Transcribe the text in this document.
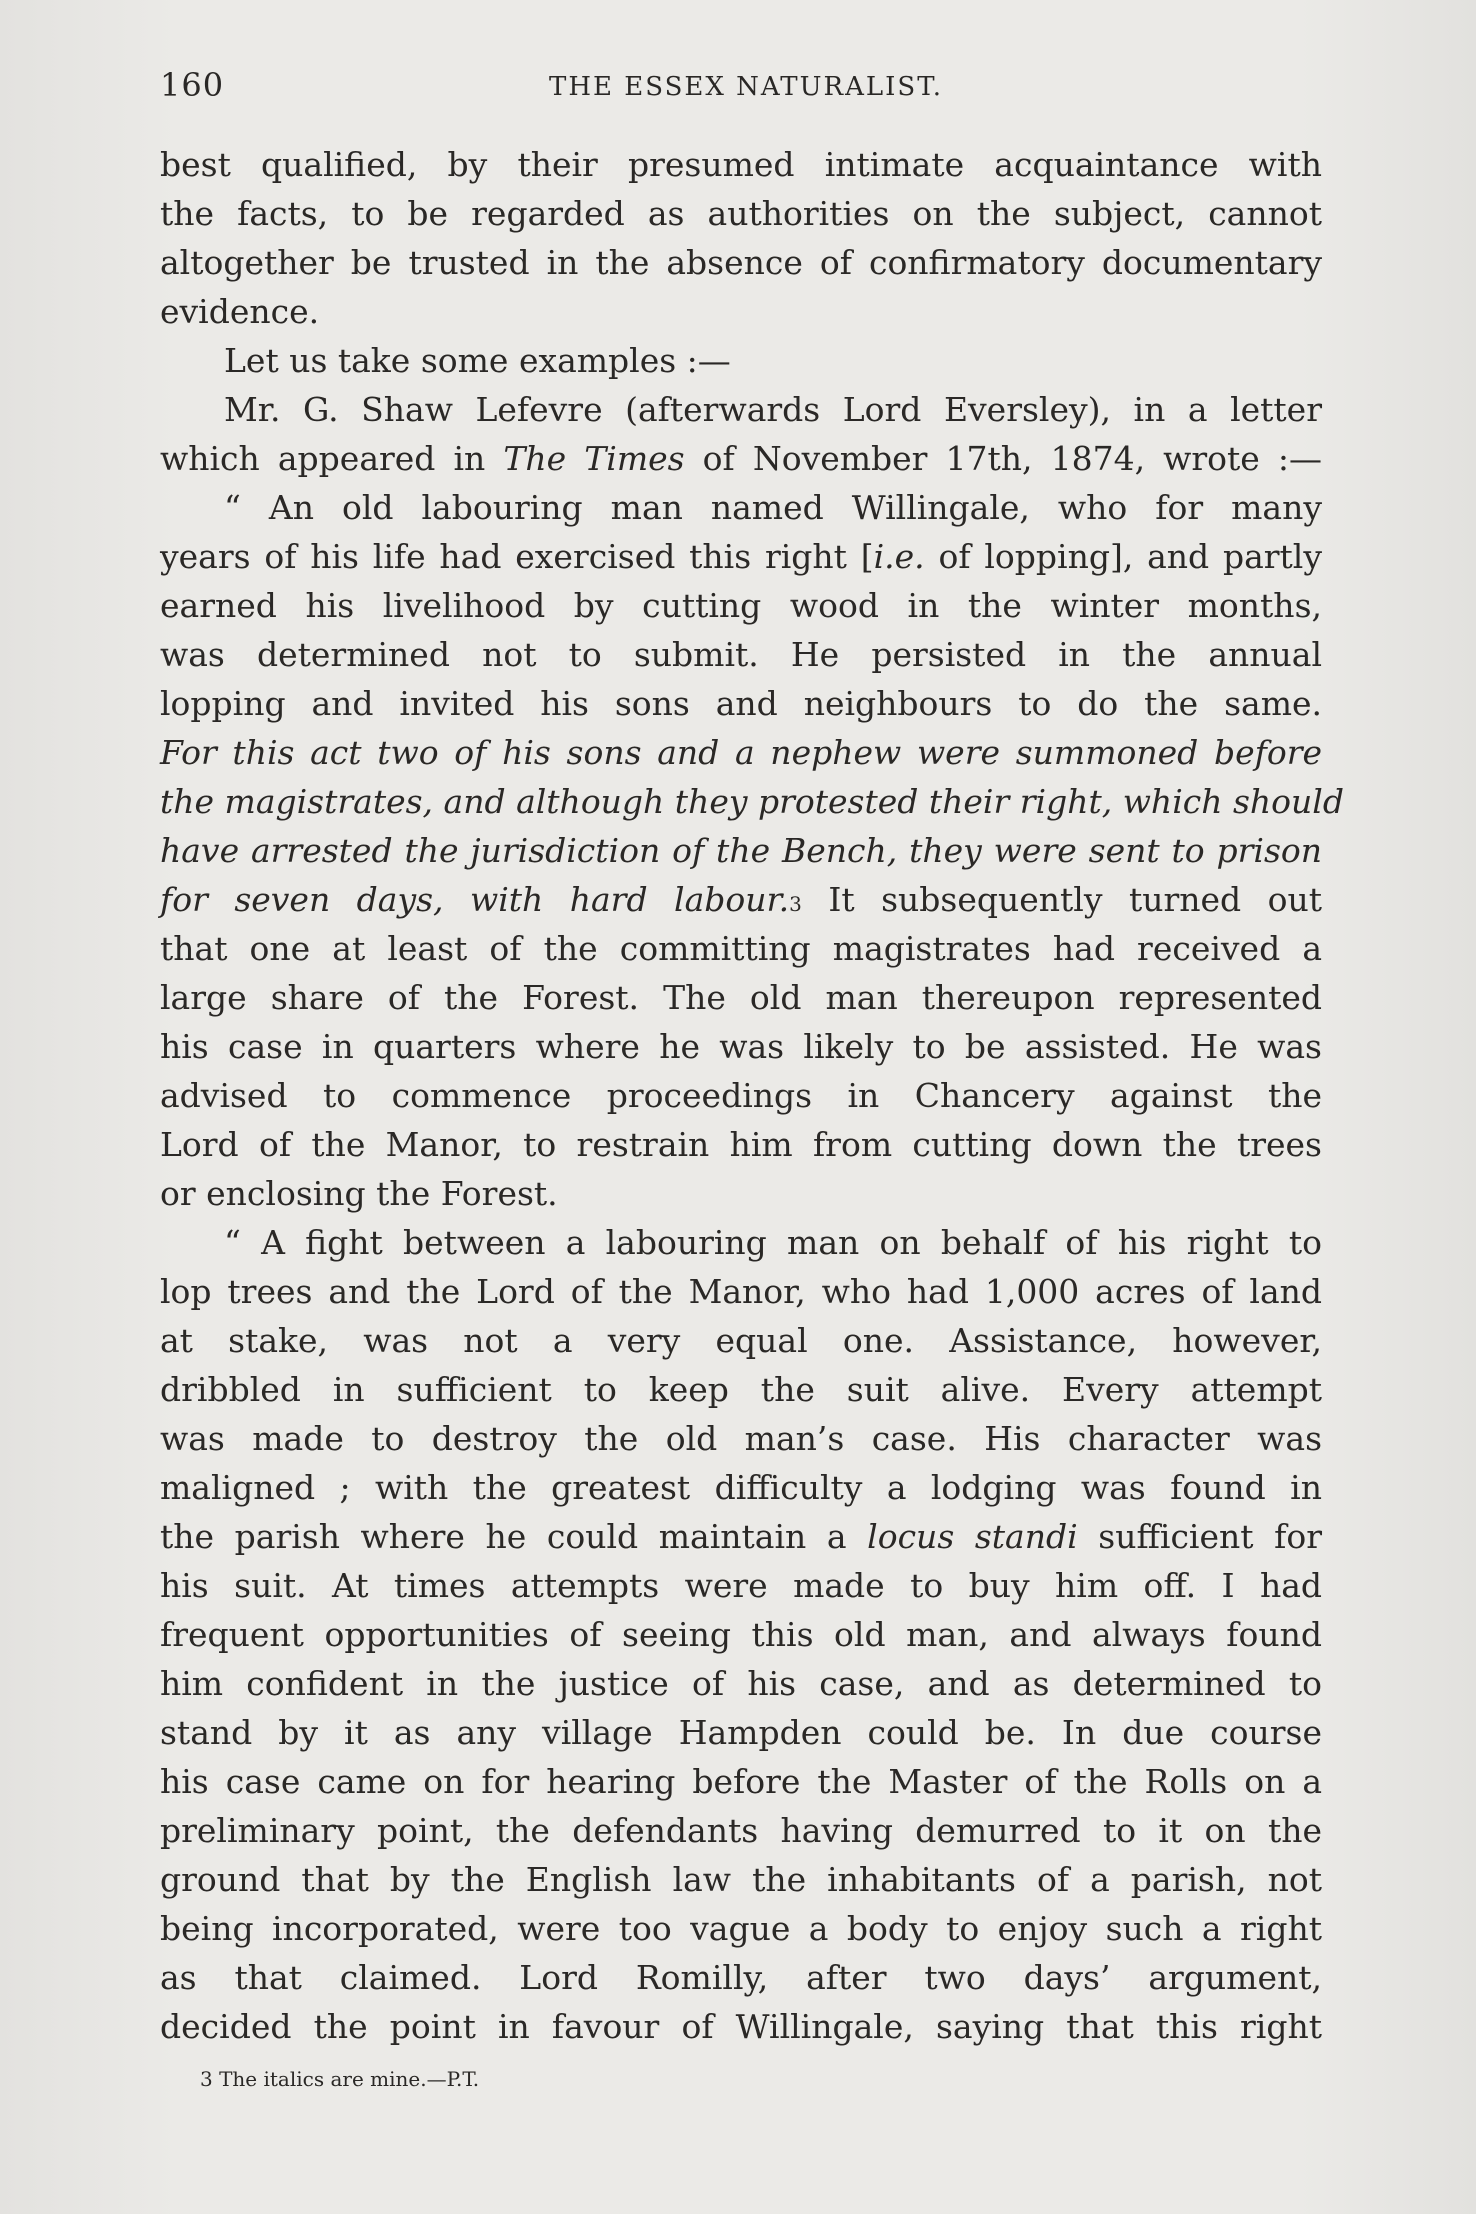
160	THE ESSEX NATURALIST.
best qualified, by their presumed intimate acquaintance with
the facts, to be regarded as authorities on the subject, cannot
altogether be trusted in the absence of confirmatory documentary
evidence.
Let us take some examples :—
Mr. G. Shaw Lefevre (afterwards Lord Eversley), in a letter
which appeared in The Times of November 17th, 1874, wrote :—
“ An old labouring man named Willingale, who for many
years of his life had exercised this right [i.e. of lopping], and partly
earned his livelihood by cutting wood in the winter months,
was determined not to submit. He persisted in the annual
lopping and invited his sons and neighbours to do the same.
For this act two of his sons and a nephew were summoned before
the magistrates, and although they protested their right, which should
have arrested the jurisdiction of the Bench, they were sent to prison
for seven days, with hard labour.3 It subsequently turned out
that one at least of the committing magistrates had received a
large share of the Forest. The old man thereupon represented
his case in quarters where he was likely to be assisted. He was
advised to commence proceedings in Chancery against the
Lord of the Manor, to restrain him from cutting down the trees
or enclosing the Forest.
“ A fight between a labouring man on behalf of his right to
lop trees and the Lord of the Manor, who had 1,000 acres of land
at stake, was not a very equal one. Assistance, however,
dribbled in sufficient to keep the suit alive. Every attempt
was made to destroy the old man’s case. His character was
maligned ; with the greatest difficulty a lodging was found in
the parish where he could maintain a locus standi sufficient for
his suit. At times attempts were made to buy him off. I had
frequent opportunities of seeing this old man, and always found
him confident in the justice of his case, and as determined to
stand by it as any village Hampden could be. In due course
his case came on for hearing before the Master of the Rolls on a
preliminary point, the defendants having demurred to it on the
ground that by the English law the inhabitants of a parish, not
being incorporated, were too vague a body to enjoy such a right
as that claimed. Lord Romilly, after two days’ argument,
decided the point in favour of Willingale, saying that this right
3 The italics are mine.—P.T.
